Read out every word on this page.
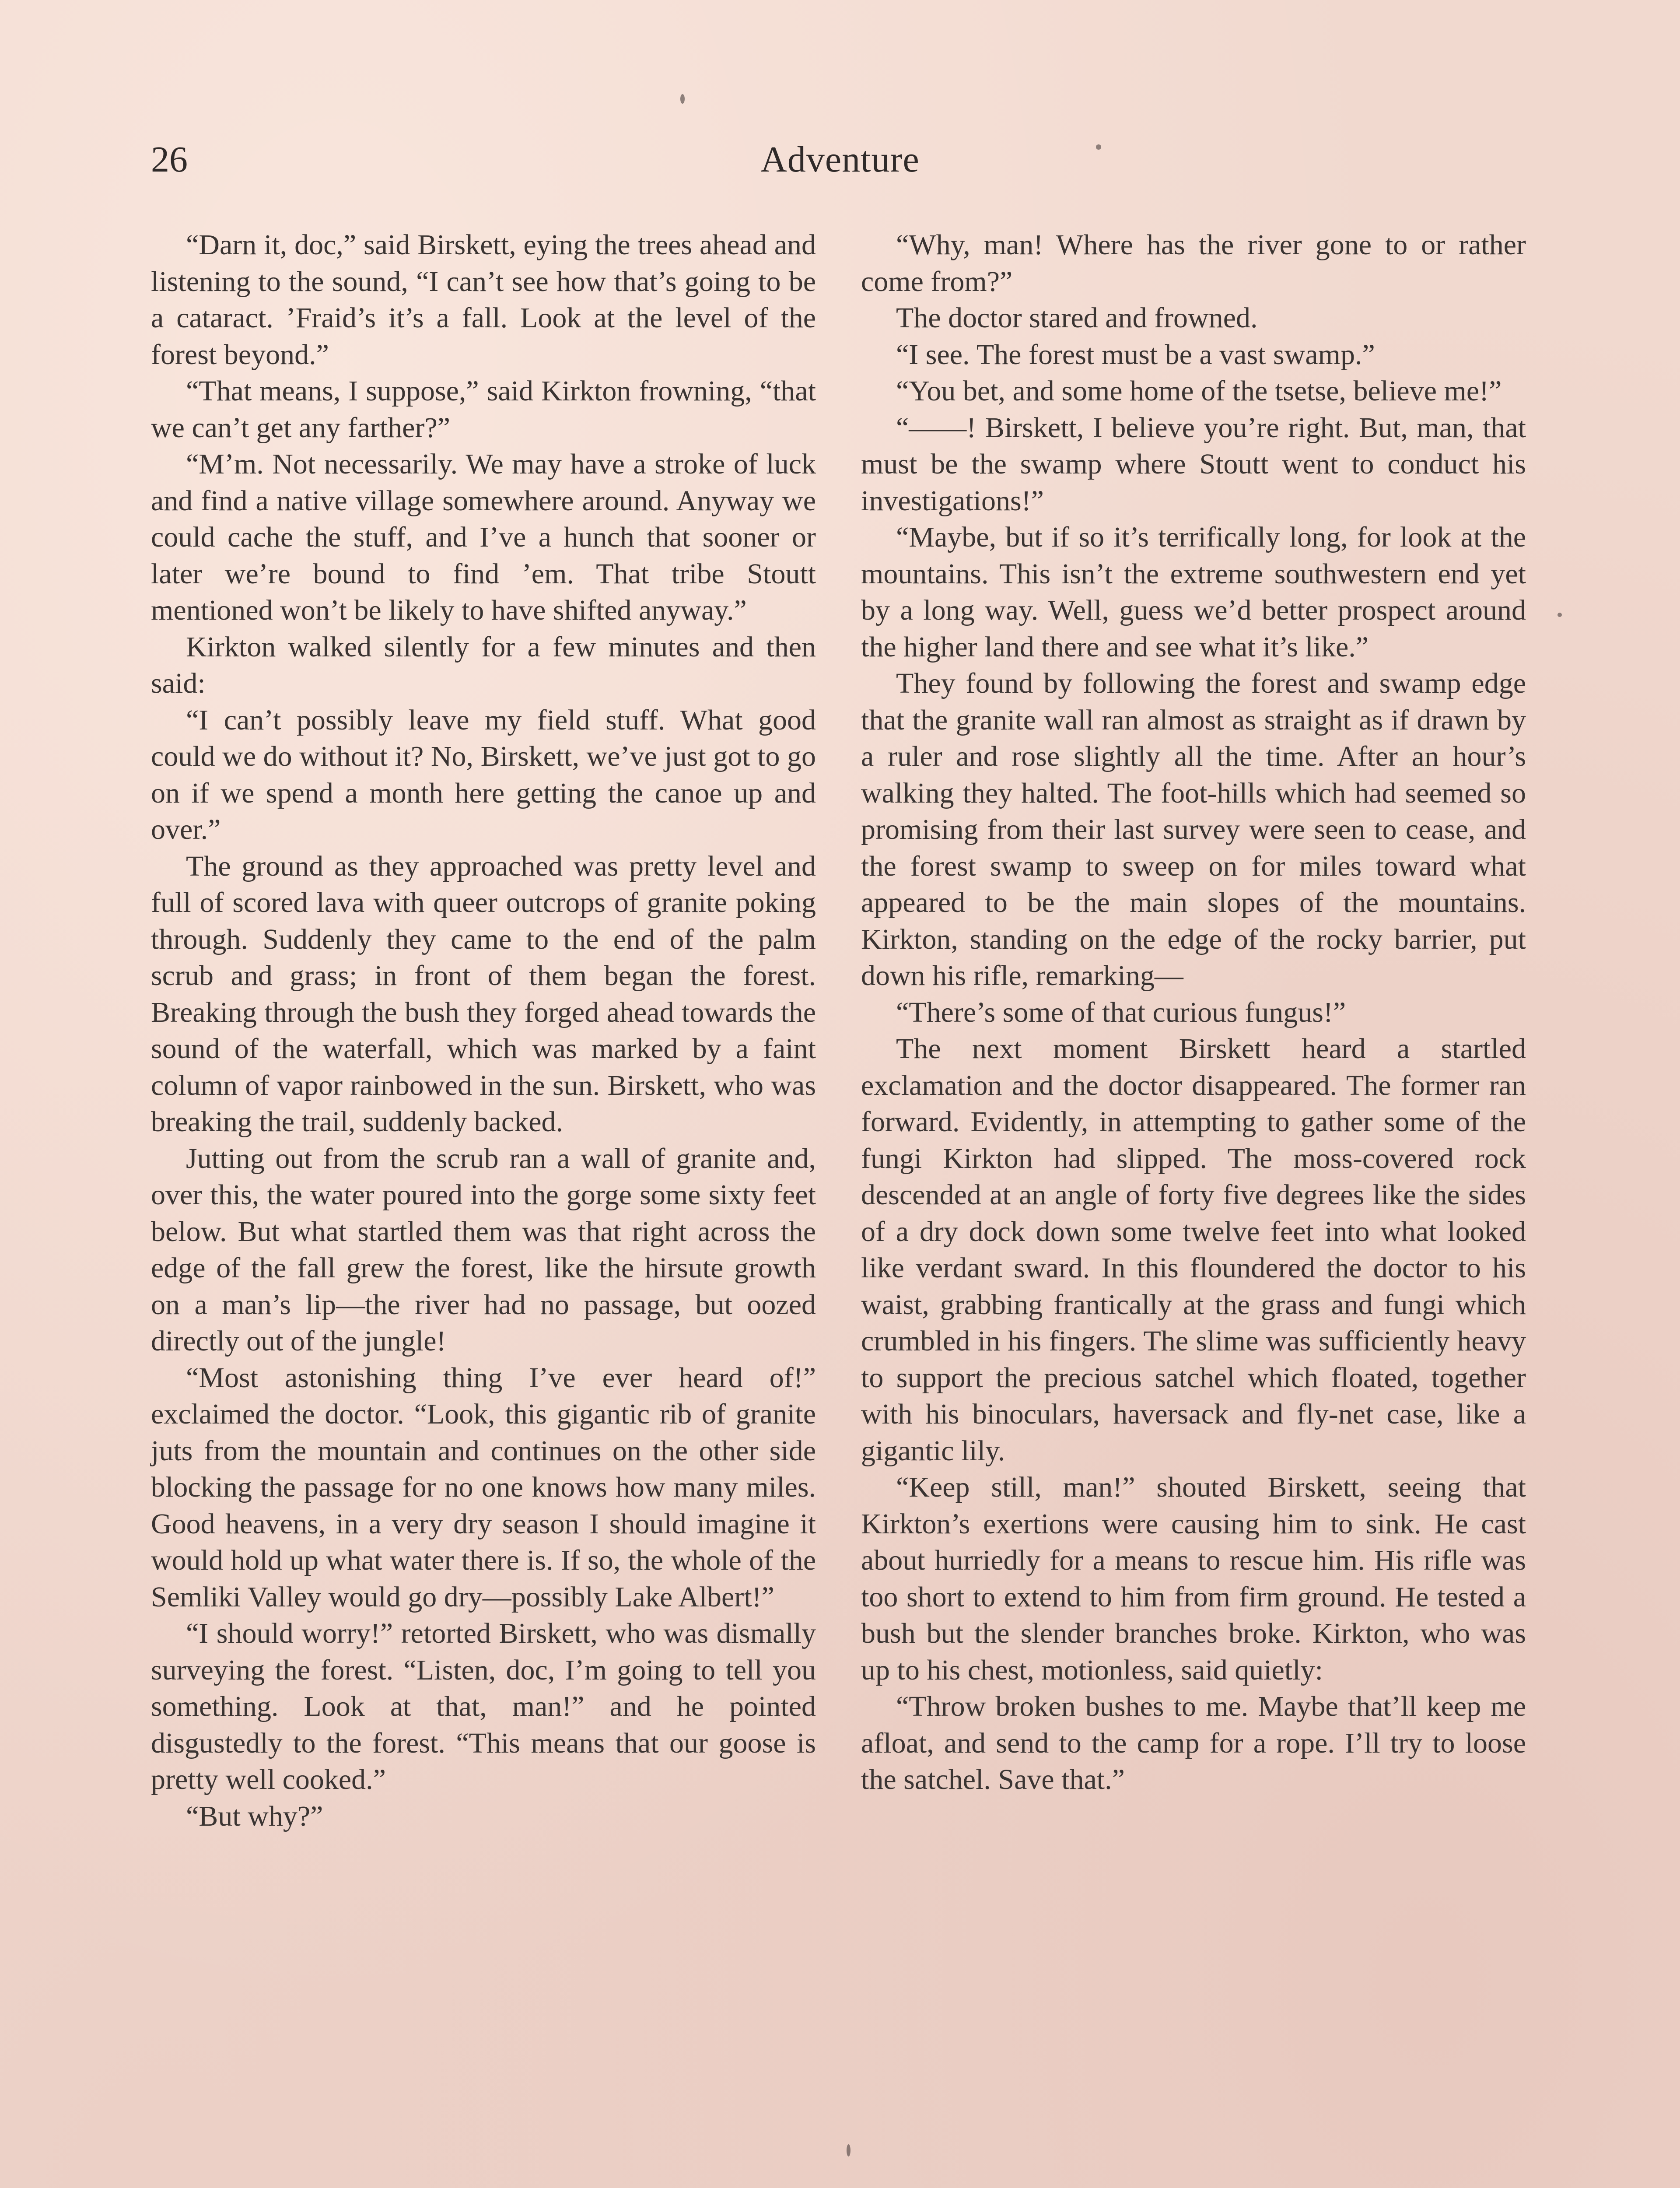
26	Adventure

“Darn it, doc,” said Birskett, eying the trees ahead and listening to the sound, “I can’t see how that’s going to be a cataract. ’Fraid’s it’s a fall. Look at the level of the forest beyond.”

“That means, I suppose,” said Kirkton frowning, “that we can’t get any farther?”

“M’m. Not necessarily. We may have a stroke of luck and find a native village somewhere around. Anyway we could cache the stuff, and I’ve a hunch that sooner or later we’re bound to find ’em. That tribe Stoutt mentioned won’t be likely to have shifted anyway.”

Kirkton walked silently for a few minutes and then said:

“I can’t possibly leave my field stuff. What good could we do without it? No, Birskett, we’ve just got to go on if we spend a month here getting the canoe up and over.”

The ground as they approached was pretty level and full of scored lava with queer outcrops of granite poking through. Suddenly they came to the end of the palm scrub and grass; in front of them began the forest. Breaking through the bush they forged ahead towards the sound of the waterfall, which was marked by a faint column of vapor rainbowed in the sun. Birskett, who was breaking the trail, suddenly backed.

Jutting out from the scrub ran a wall of granite and, over this, the water poured into the gorge some sixty feet below. But what startled them was that right across the edge of the fall grew the forest, like the hirsute growth on a man’s lip—the river had no passage, but oozed directly out of the jungle!

“Most astonishing thing I’ve ever heard of!” exclaimed the doctor. “Look, this gigantic rib of granite juts from the mountain and continues on the other side blocking the passage for no one knows how many miles. Good heavens, in a very dry season I should imagine it would hold up what water there is. If so, the whole of the Semliki Valley would go dry—possibly Lake Albert!”

“I should worry!” retorted Birskett, who was dismally surveying the forest. “Listen, doc, I’m going to tell you something. Look at that, man!” and he pointed disgustedly to the forest. “This means that our goose is pretty well cooked.”

“But why?”

“Why, man! Where has the river gone to or rather come from?”

The doctor stared and frowned.

“I see. The forest must be a vast swamp.”

“You bet, and some home of the tsetse, believe me!”

“——! Birskett, I believe you’re right. But, man, that must be the swamp where Stoutt went to conduct his investigations!”

“Maybe, but if so it’s terrifically long, for look at the mountains. This isn’t the extreme southwestern end yet by a long way. Well, guess we’d better prospect around the higher land there and see what it’s like.”

They found by following the forest and swamp edge that the granite wall ran almost as straight as if drawn by a ruler and rose slightly all the time. After an hour’s walking they halted. The foot-hills which had seemed so promising from their last survey were seen to cease, and the forest swamp to sweep on for miles toward what appeared to be the main slopes of the mountains. Kirkton, standing on the edge of the rocky barrier, put down his rifle, remarking—

“There’s some of that curious fungus!”

The next moment Birskett heard a startled exclamation and the doctor disappeared. The former ran forward. Evidently, in attempting to gather some of the fungi Kirkton had slipped. The moss-covered rock descended at an angle of forty five degrees like the sides of a dry dock down some twelve feet into what looked like verdant sward. In this floundered the doctor to his waist, grabbing frantically at the grass and fungi which crumbled in his fingers. The slime was sufficiently heavy to support the precious satchel which floated, together with his binoculars, haversack and fly-net case, like a gigantic lily.

“Keep still, man!” shouted Birskett, seeing that Kirkton’s exertions were causing him to sink. He cast about hurriedly for a means to rescue him. His rifle was too short to extend to him from firm ground. He tested a bush but the slender branches broke. Kirkton, who was up to his chest, motionless, said quietly:

“Throw broken bushes to me. Maybe that’ll keep me afloat, and send to the camp for a rope. I’ll try to loose the satchel. Save that.”
